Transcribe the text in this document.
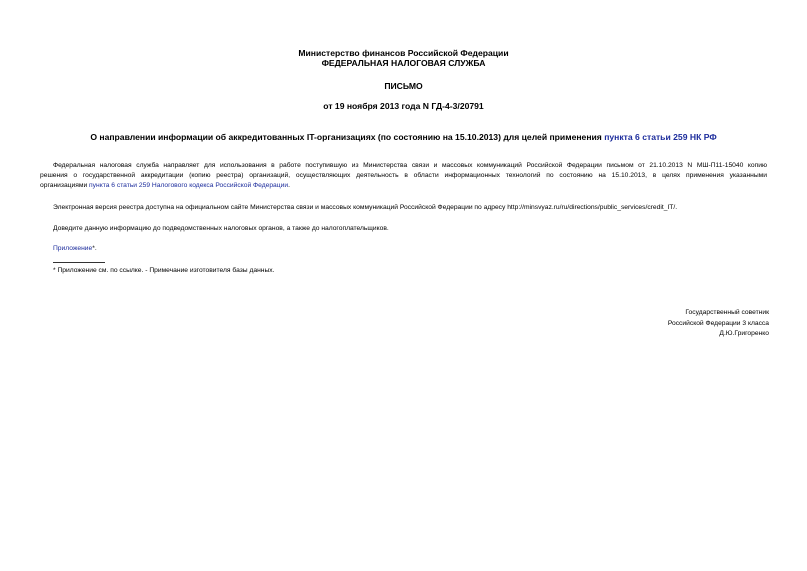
Министерство финансов Российской Федерации
ФЕДЕРАЛЬНАЯ НАЛОГОВАЯ СЛУЖБА
ПИСЬМО
от 19 ноября 2013 года N ГД-4-3/20791
О направлении информации об аккредитованных IT-организациях (по состоянию на 15.10.2013) для целей применения пункта 6 статьи 259 НК РФ
Федеральная налоговая служба направляет для использования в работе поступившую из Министерства связи и массовых коммуникаций Российской Федерации письмом от 21.10.2013 N МШ-П11-15040 копию
решения о государственной аккредитации (копию реестра) организаций, осуществляющих деятельность в области информационных технологий по состоянию на 15.10.2013, в целях применения указанными
организациями пункта 6 статьи 259 Налогового кодекса Российской Федерации.
Электронная версия реестра доступна на официальном сайте Министерства связи и массовых коммуникаций Российской Федерации по адресу http://minsvyaz.ru/ru/directions/public_services/credit_IT/.
Доведите данную информацию до подведомственных налоговых органов, а также до налогоплательщиков.
Приложение*.
* Приложение см. по ссылке. - Примечание изготовителя базы данных.
Государственный советник
Российской Федерации 3 класса
Д.Ю.Григоренко
